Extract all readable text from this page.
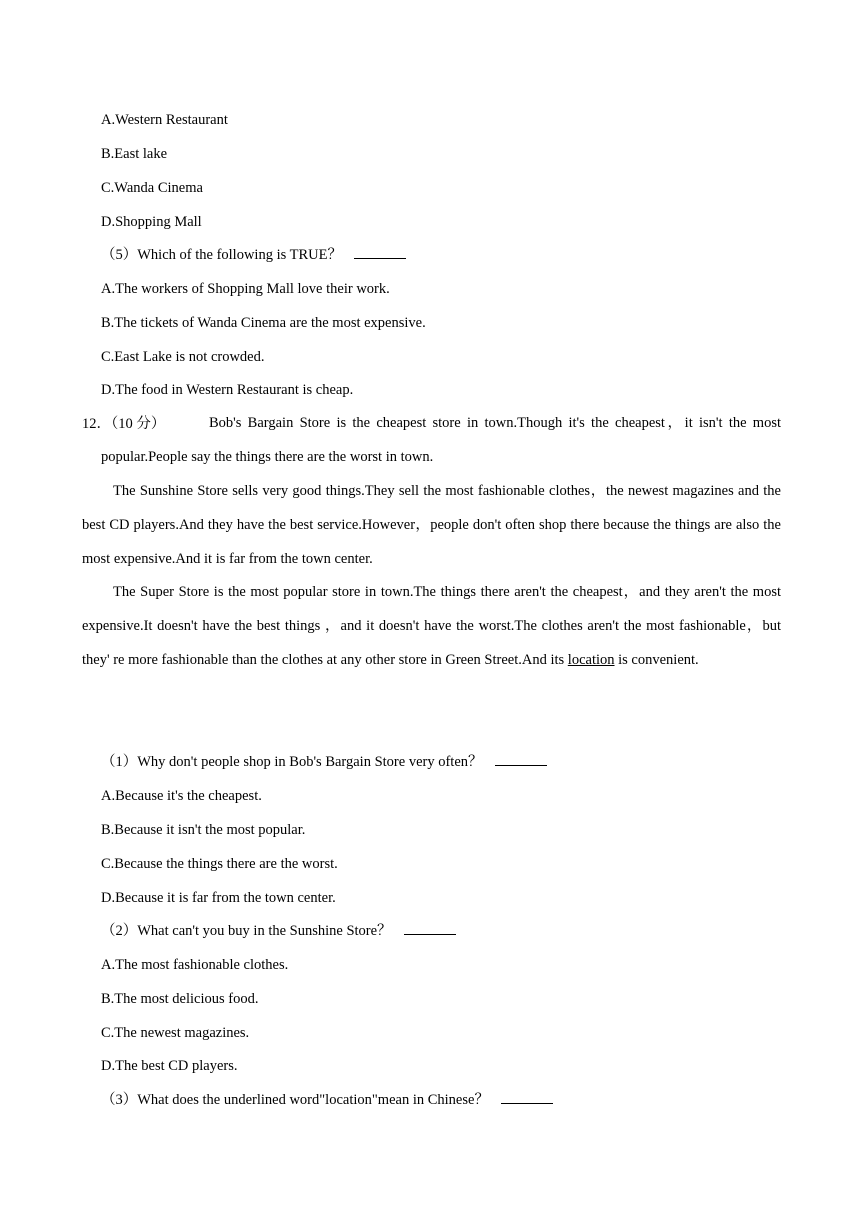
A.Western Restaurant
B.East lake
C.Wanda Cinema
D.Shopping Mall
（5）Which of the following is TRUE？
A.The workers of Shopping Mall love their work.
B.The tickets of Wanda Cinema are the most expensive.
C.East Lake is not crowded.
D.The food in Western Restaurant is cheap.
12．（10 分）	Bob's Bargain Store is the cheapest store in town.Though it's the cheapest，it isn't the most popular.People say the things there are the worst in town.
The Sunshine Store sells very good things.They sell the most fashionable clothes，the newest magazines and the best CD players.And they have the best service.However，people don't often shop there because the things are also the most expensive.And it is far from the town center.
The Super Store is the most popular store in town.The things there aren't the cheapest，and they aren't the most expensive.It doesn't have the best things ，and it doesn't have the worst.The clothes aren't the most fashionable，but they' re more fashionable than the clothes at any other store in Green Street.And its location is convenient.
（1）Why don't people shop in Bob's Bargain Store very often？
A.Because it's the cheapest.
B.Because it isn't the most popular.
C.Because the things there are the worst.
D.Because it is far from the town center.
（2）What can't you buy in the Sunshine Store？
A.The most fashionable clothes.
B.The most delicious food.
C.The newest magazines.
D.The best CD players.
（3）What does the underlined word"location"mean in Chinese？
